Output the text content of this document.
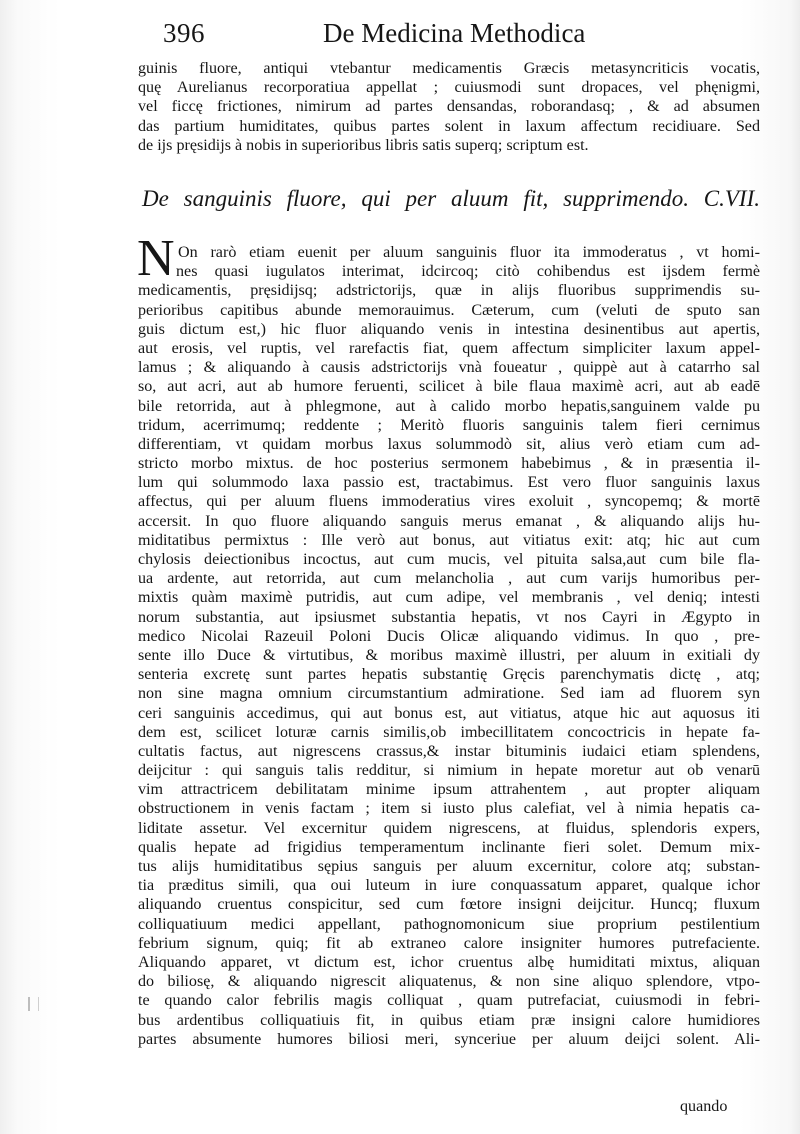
396	De Medicina Methodica
guinis fluore, antiqui vtebantur medicamentis Græcis metasyncriticis vocatis,
quę Aurelianus recorporatiua appellat ; cuiusmodi sunt dropaces, vel phęnigmi,
vel ficcę frictiones, nimirum ad partes densandas, roborandasq; , & ad absumen
das partium humiditates, quibus partes solent in laxum affectum recidiuare. Sed
de ijs pręsidijs à nobis in superioribus libris satis superq; scriptum est.
De sanguinis fluore, qui per aluum fit, supprimendo. C.VII.
N On rarò etiam euenit per aluum sanguinis fluor ita immoderatus , vt homi-
nes quasi iugulatos interimat, idcircoq; citò cohibendus est ijsdem fermè
medicamentis, pręsidijsq; adstrictorijs, quæ in alijs fluoribus supprimendis su-
perioribus capitibus abunde memorauimus. Cæterum, cum (veluti de sputo san
guis dictum est,) hic fluor aliquando venis in intestina desinentibus aut apertis,
aut erosis, vel ruptis, vel rarefactis fiat, quem affectum simpliciter laxum appel-
lamus ; & aliquando à causis adstrictorijs vnà foueatur , quippè aut à catarrho sal
so, aut acri, aut ab humore feruenti, scilicet à bile flaua maximè acri, aut ab eadē
bile retorrida, aut à phlegmone, aut à calido morbo hepatis,sanguinem valde pu
tridum, acerrimumq; reddente ; Meritò fluoris sanguinis talem fieri cernimus
differentiam, vt quidam morbus laxus solummodò sit, alius verò etiam cum ad-
stricto morbo mixtus. de hoc posterius sermonem habebimus , & in præsentia il-
lum qui solummodo laxa passio est, tractabimus. Est vero fluor sanguinis laxus
affectus, qui per aluum fluens immoderatius vires exoluit , syncopemq; & mortē
accersit. In quo fluore aliquando sanguis merus emanat , & aliquando alijs hu-
miditatibus permixtus : Ille verò aut bonus, aut vitiatus exit: atq; hic aut cum
chylosis deiectionibus incoctus, aut cum mucis, vel pituita salsa,aut cum bile fla-
ua ardente, aut retorrida, aut cum melancholia , aut cum varijs humoribus per-
mixtis quàm maximè putridis, aut cum adipe, vel membranis , vel deniq; intesti
norum substantia, aut ipsiusmet substantia hepatis, vt nos Cayri in Ægypto in
medico Nicolai Razeuil Poloni Ducis Olicæ aliquando vidimus. In quo , pre-
sente illo Duce & virtutibus, & moribus maximè illustri, per aluum in exitiali dy
senteria excretę sunt partes hepatis substantię Gręcis parenchymatis dictę , atq;
non sine magna omnium circumstantium admiratione. Sed iam ad fluorem syn
ceri sanguinis accedimus, qui aut bonus est, aut vitiatus, atque hic aut aquosus iti
dem est, scilicet loturæ carnis similis,ob imbecillitatem concoctricis in hepate fa-
cultatis factus, aut nigrescens crassus,& instar bituminis iudaici etiam splendens,
deijcitur : qui sanguis talis redditur, si nimium in hepate moretur aut ob venarū
vim attractricem debilitatam minime ipsum attrahentem , aut propter aliquam
obstructionem in venis factam ; item si iusto plus calefiat, vel à nimia hepatis ca-
liditate assetur. Vel excernitur quidem nigrescens, at fluidus, splendoris expers,
qualis hepate ad frigidius temperamentum inclinante fieri solet. Demum mix-
tus alijs humiditatibus sępius sanguis per aluum excernitur, colore atq; substan-
tia præditus simili, qua oui luteum in iure conquassatum apparet, qualque ichor
aliquando cruentus conspicitur, sed cum fœtore insigni deijcitur. Huncq; fluxum
colliquatiuum medici appellant, pathognomonicum siue proprium pestilentium
febrium signum, quiq; fit ab extraneo calore insigniter humores putrefaciente.
Aliquando apparet, vt dictum est, ichor cruentus albę humiditati mixtus, aliquan
do biliosę, & aliquando nigrescit aliquatenus, & non sine aliquo splendore, vtpo-
te quando calor febrilis magis colliquat , quam putrefaciat, cuiusmodi in febri-
bus ardentibus colliquatiuis fit, in quibus etiam præ insigni calore humidiores
partes absumente humores biliosi meri, synceriue per aluum deijci solent. Ali-
quando
